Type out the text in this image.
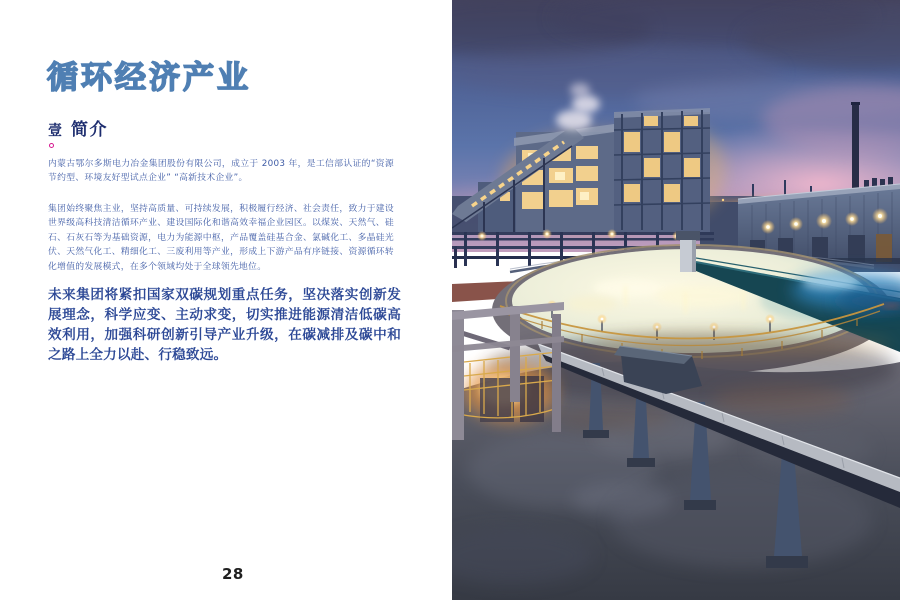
循环经济产业
壹 简介

内蒙古鄂尔多斯电力冶金集团股份有限公司，成立于 2003 年，是工信部认证的“资源节约型、环境友好型试点企业” “高新技术企业”。

集团始终聚焦主业，坚持高质量、可持续发展，积极履行经济、社会责任，致力于建设世界级高科技清洁循环产业、建设国际化和谐高效幸福企业园区。以煤炭、天然气、硅石、石灰石等为基础资源，电力为能源中枢，产品覆盖硅基合金、氯碱化工、多晶硅光伏、天然气化工、精细化工、三废利用等产业，形成上下游产品有序链接、资源循环转化增值的发展模式，在多个领域均处于全球领先地位。

未来集团将紧扣国家双碳规划重点任务，坚决落实创新发展理念，科学应变、主动求变，切实推进能源清洁低碳高效利用，加强科研创新引导产业升级，在碳减排及碳中和之路上全力以赴、行稳致远。

28
